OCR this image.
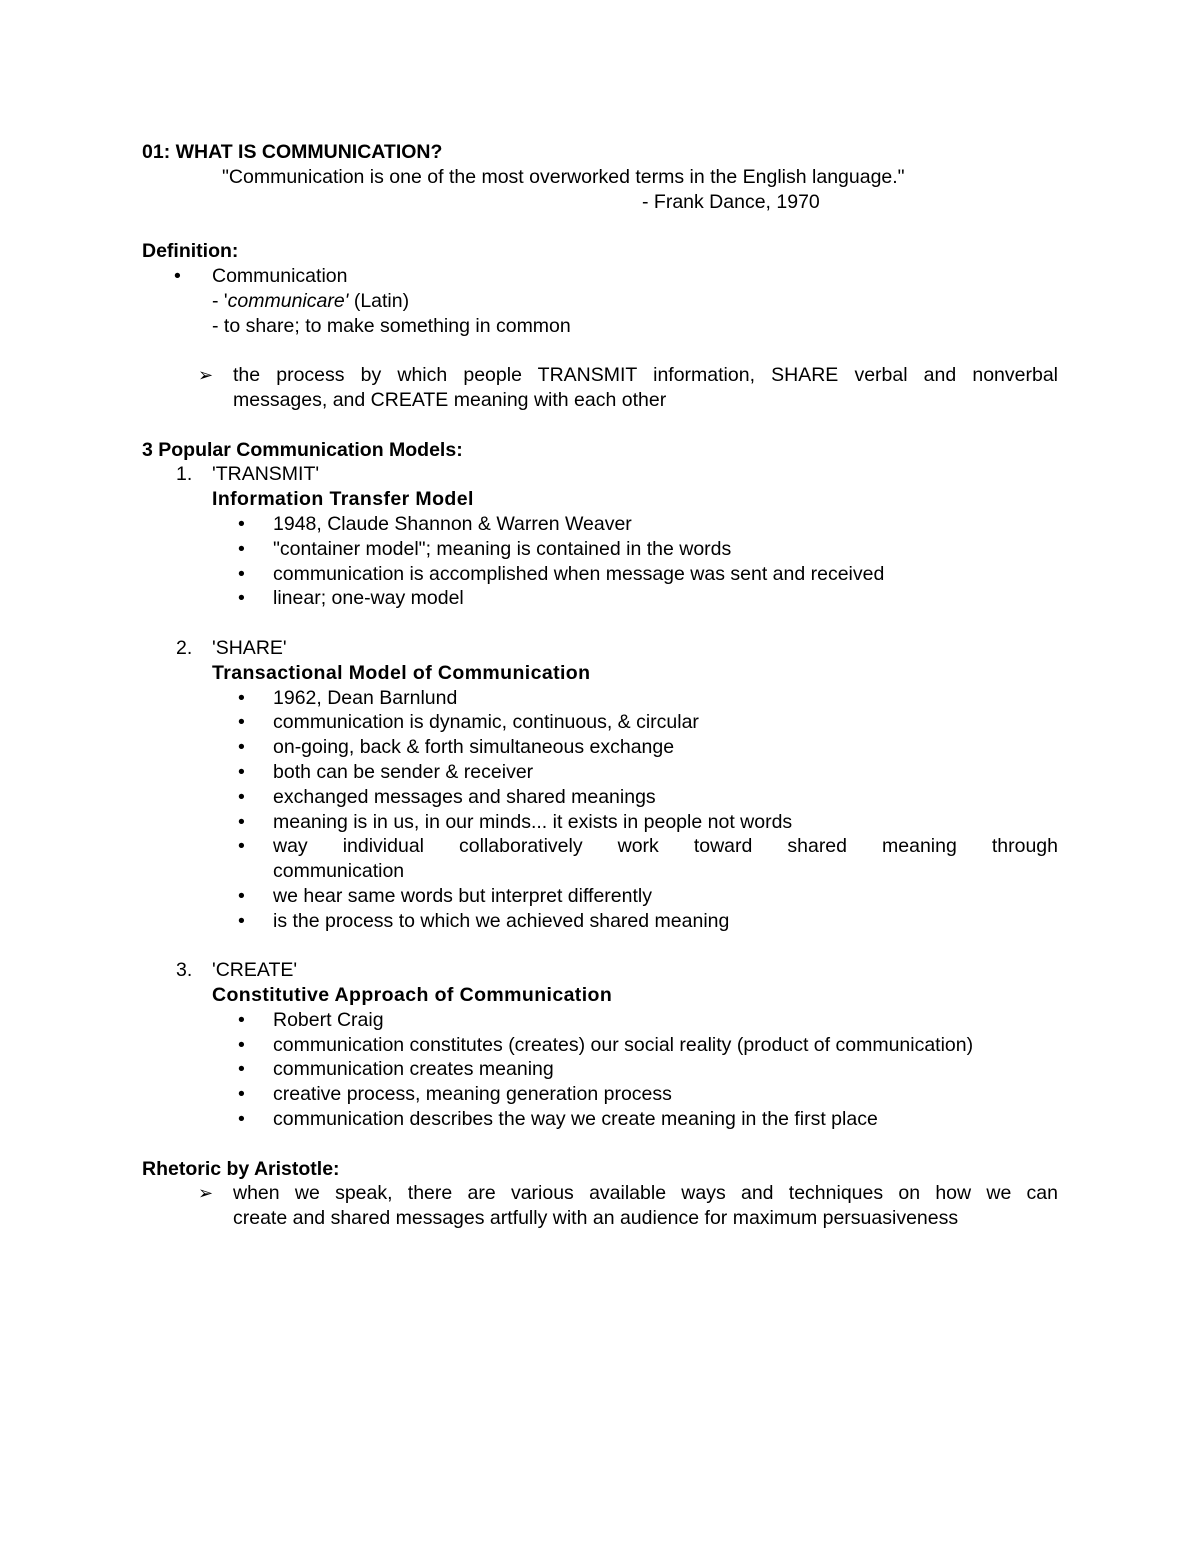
01: WHAT IS COMMUNICATION?
"Communication is one of the most overworked terms in the English language."
- Frank Dance, 1970
Definition:
• Communication
- 'communicare' (Latin)
- to share; to make something in common
➢ the process by which people TRANSMIT information, SHARE verbal and nonverbal
messages, and CREATE meaning with each other
3 Popular Communication Models:
1. 'TRANSMIT'
Information Transfer Model
• 1948, Claude Shannon & Warren Weaver
• "container model"; meaning is contained in the words
• communication is accomplished when message was sent and received
• linear; one-way model
2. 'SHARE'
Transactional Model of Communication
• 1962, Dean Barnlund
• communication is dynamic, continuous, & circular
• on-going, back & forth simultaneous exchange
• both can be sender & receiver
• exchanged messages and shared meanings
• meaning is in us, in our minds... it exists in people not words
• way individual collaboratively work toward shared meaning through
communication
• we hear same words but interpret differently
• is the process to which we achieved shared meaning
3. 'CREATE'
Constitutive Approach of Communication
• Robert Craig
• communication constitutes (creates) our social reality (product of communication)
• communication creates meaning
• creative process, meaning generation process
• communication describes the way we create meaning in the first place
Rhetoric by Aristotle:
➢ when we speak, there are various available ways and techniques on how we can
create and shared messages artfully with an audience for maximum persuasiveness
